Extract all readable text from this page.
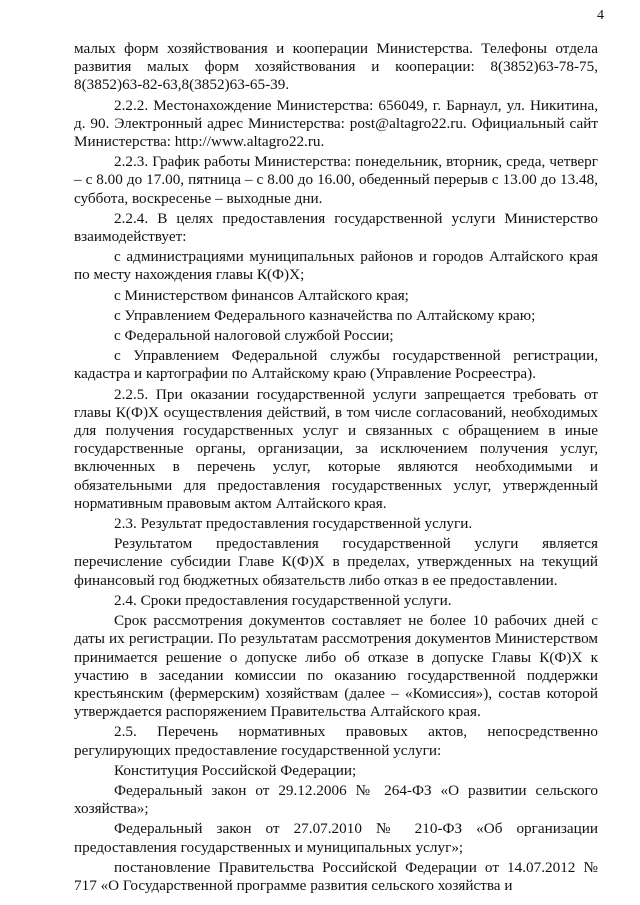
4

малых форм хозяйствования и кооперации Министерства. Телефоны отдела развития малых форм хозяйствования и кооперации: 8(3852)63-78-75, 8(3852)63-82-63,8(3852)63-65-39.

2.2.2. Местонахождение Министерства: 656049, г. Барнаул, ул. Никитина, д. 90. Электронный адрес Министерства: post@altagro22.ru. Официальный сайт Министерства: http://www.altagro22.ru.

2.2.3. График работы Министерства: понедельник, вторник, среда, четверг – с 8.00 до 17.00, пятница – с 8.00 до 16.00, обеденный перерыв с 13.00 до 13.48, суббота, воскресенье – выходные дни.

2.2.4. В целях предоставления государственной услуги Министерство взаимодействует:

с администрациями муниципальных районов и городов Алтайского края по месту нахождения главы К(Ф)Х;

с Министерством финансов Алтайского края;

с Управлением Федерального казначейства по Алтайскому краю;

с Федеральной налоговой службой России;

с Управлением Федеральной службы государственной регистрации, кадастра и картографии по Алтайскому краю (Управление Росреестра).

2.2.5. При оказании государственной услуги запрещается требовать от главы К(Ф)Х осуществления действий, в том числе согласований, необходимых для получения государственных услуг и связанных с обращением в иные государственные органы, организации, за исключением получения услуг, включенных в перечень услуг, которые являются необходимыми и обязательными для предоставления государственных услуг, утвержденный нормативным правовым актом Алтайского края.

2.3. Результат предоставления государственной услуги.

Результатом предоставления государственной услуги является перечисление субсидии Главе К(Ф)Х в пределах, утвержденных на текущий финансовый год бюджетных обязательств либо отказ в ее предоставлении.

2.4. Сроки предоставления государственной услуги.

Срок рассмотрения документов составляет не более 10 рабочих дней с даты их регистрации. По результатам рассмотрения документов Министерством принимается решение о допуске либо об отказе в допуске Главы К(Ф)Х к участию в заседании комиссии по оказанию государственной поддержки крестьянским (фермерским) хозяйствам (далее – «Комиссия»), состав которой утверждается распоряжением Правительства Алтайского края.

2.5. Перечень нормативных правовых актов, непосредственно регулирующих предоставление государственной услуги:

Конституция Российской Федерации;

Федеральный закон от 29.12.2006 № 264-ФЗ «О развитии сельского хозяйства»;

Федеральный закон от 27.07.2010 № 210-ФЗ «Об организации предоставления государственных и муниципальных услуг»;

постановление Правительства Российской Федерации от 14.07.2012 № 717 «О Государственной программе развития сельского хозяйства и
